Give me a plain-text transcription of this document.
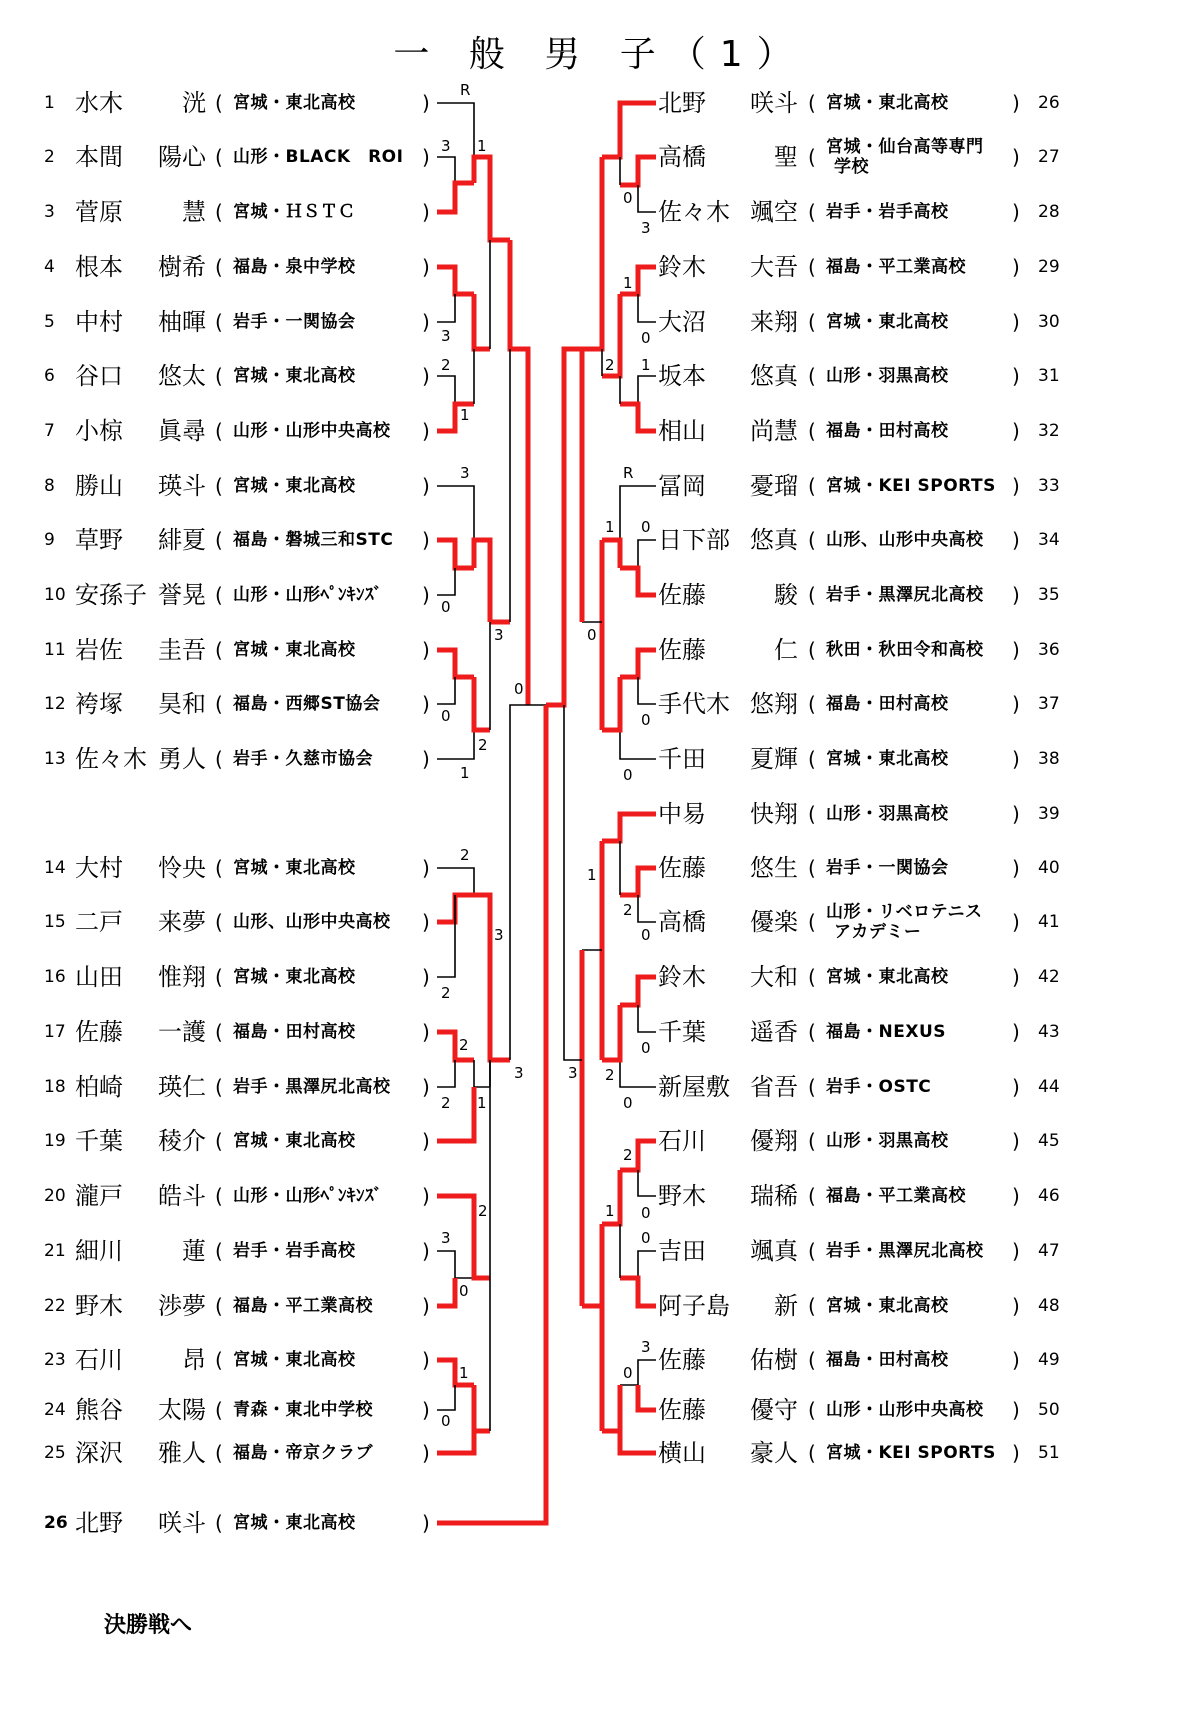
一 般 男 子（1）
1 水木 洸 ( 宮城・東北高校	)
2 本間 陽心 ( 山形・BLACK　ROI )
3 菅原 慧 ( 宮城・ＨＳＴＣ	)
4 根本 樹希 ( 福島・泉中学校	)
5 中村 柚暉 ( 岩手・一関協会	)
6 谷口 悠太 ( 宮城・東北高校	)
7 小椋 眞尋 ( 山形・山形中央高校 )
8 勝山 瑛斗 ( 宮城・東北高校	)
9 草野 緋夏 ( 福島・磐城三和STC )
10 安孫子 誉晃 ( 山形・山形ﾍﾟﾝｷﾝｽﾞ )
11 岩佐 圭吾 ( 宮城・東北高校	)
12 袴塚 昊和 ( 福島・西郷ST協会 )
13 佐々木 勇人 ( 岩手・久慈市協会 )
14 大村 怜央 ( 宮城・東北高校	)
15 二戸 来夢 ( 山形、山形中央高校 )
16 山田 惟翔 ( 宮城・東北高校	)
17 佐藤 一護 ( 福島・田村高校	)
18 柏崎 瑛仁 ( 岩手・黒澤尻北高校 )
19 千葉 稜介 ( 宮城・東北高校	)
20 瀧戸 皓斗 ( 山形・山形ﾍﾟﾝｷﾝｽﾞ )
21 細川 蓮 ( 岩手・岩手高校	)
22 野木 渉夢 ( 福島・平工業高校 )
23 石川 昂 ( 宮城・東北高校	)
24 熊谷 太陽 ( 青森・東北中学校 )
25 深沢 雅人 ( 福島・帝京クラブ )
26 北野 咲斗 ( 宮城・東北高校	)
北野 咲斗 ( 宮城・東北高校	) 26
高橋	聖 ( 宮城・仙台高等専門
学校	) 27
佐々木 颯空 ( 岩手・岩手高校	) 28
鈴木 大吾 ( 福島・平工業高校 ) 29
大沼 来翔 ( 宮城・東北高校	) 30
坂本 悠真 ( 山形・羽黒高校	) 31
相山 尚慧 ( 福島・田村高校	) 32
冨岡 憂瑠 ( 宮城・KEI SPORTS ) 33
日下部 悠真 ( 山形、山形中央高校 ) 34
佐藤	駿 ( 岩手・黒澤尻北高校 ) 35
佐藤	仁 ( 秋田・秋田令和高校 ) 36
手代木 悠翔 ( 福島・田村高校	) 37
千田 夏輝 ( 宮城・東北高校	) 38
中易 快翔 ( 山形・羽黒高校	) 39
佐藤 悠生 ( 岩手・一関協会	) 40
高橋 優楽 ( 山形・リベロテニス
アカデミー	) 41
鈴木 大和 ( 宮城・東北高校	) 42
千葉 遥香 ( 福島・NEXUS	) 43
新屋敷 省吾 ( 岩手・OSTC	) 44
石川 優翔 ( 山形・羽黒高校	) 45
野木 瑞稀 ( 福島・平工業高校 ) 46
吉田 颯真 ( 岩手・黒澤尻北高校 ) 47
阿子島 新 ( 宮城・東北高校	) 48
佐藤 佑樹 ( 福島・田村高校	) 49
佐藤 優守 ( 山形・山形中央高校 ) 50
横山 豪人 ( 宮城・KEI SPORTS ) 51
3 1
R
3
2
1
3
0
0
1
2
3
0
2
2
3
2
2 1
2
3
0
1
0
3
0
3
1
0
1
2
R
0
1
0
0
0
2
0
1
0
0
2
2
0
0
1
3
0
3
決勝戦へ
